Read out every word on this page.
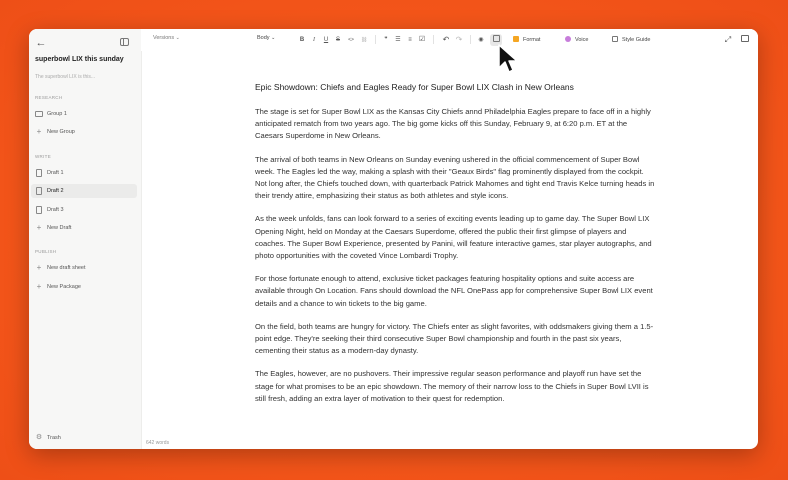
←
superbowl LIX this sunday
The superbowl LIX is this...
RESEARCH
Group 1
+	New Group
WRITE
Draft 1
Draft 2
Draft 3
+	New Draft
PUBLISH
+	New draft sheet
+	New Package
⚙ Trash
642 words
Versions ⌄	Body ⌄	B	I	U	S	<>	⛓	❞	☰	≡	☑ ↶ ↷	◉	Format	Voice	Style Guide	⤢
Epic Showdown: Chiefs and Eagles Ready for Super Bowl LIX Clash in New Orleans

The stage is set for Super Bowl LIX as the Kansas City Chiefs annd Philadelphia Eagles prepare to face off in a highly anticipated rematch from two years ago. The big gome kicks off this Sunday, February 9, at 6:20 p.m. ET at the Caesars Superdome in New Orleans.

The arrival of both teams in New Orleans on Sunday evening ushered in the official commencement of Super Bowl week. The Eagles led the way, making a splash with their "Geaux Birds" flag prominently displayed from the cockpit. Not long after, the Chiefs touched down, with quarterback Patrick Mahomes and tight end Travis Kelce turning heads in their trendy attire, emphasizing their status as both athletes and style icons.

As the week unfolds, fans can look forward to a series of exciting events leading up to game day. The Super Bowl LIX Opening Night, held on Monday at the Caesars Superdome, offered the public their first glimpse of players and coaches. The Super Bowl Experience, presented by Panini, will feature interactive games, star player autographs, and photo opportunities with the coveted Vince Lombardi Trophy.

For those fortunate enough to attend, exclusive ticket packages featuring hospitality options and suite access are available through On Location. Fans should download the NFL OnePass app for comprehensive Super Bowl LIX event details and a chance to win tickets to the big game.

On the field, both teams are hungry for victory. The Chiefs enter as slight favorites, with oddsmakers giving them a 1.5-point edge. They're seeking their third consecutive Super Bowl championship and fourth in the past six years, cementing their status as a modern-day dynasty.

The Eagles, however, are no pushovers. Their impressive regular season performance and playoff run have set the stage for what promises to be an epic showdown. The memory of their narrow loss to the Chiefs in Super Bowl LVII is still fresh, adding an extra layer of motivation to their quest for redemption.
